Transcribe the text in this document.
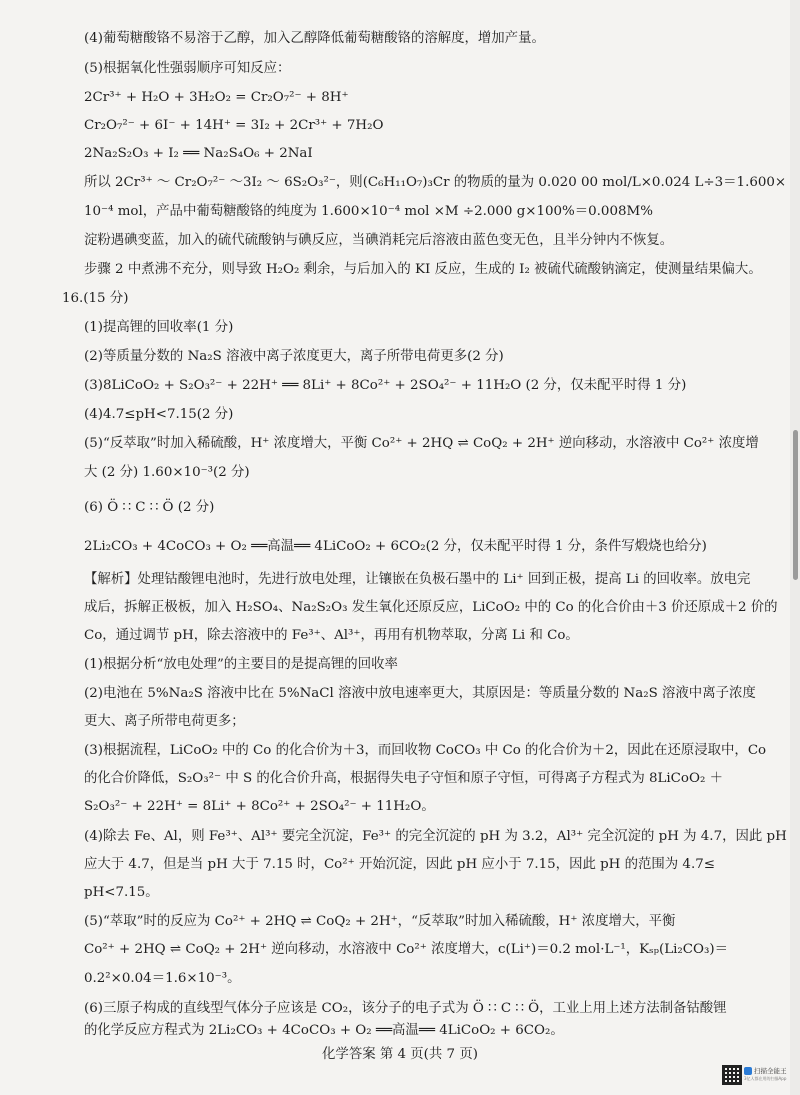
(4)葡萄糖酸铬不易溶于乙醇，加入乙醇降低葡萄糖酸铬的溶解度，增加产量。
(5)根据氧化性强弱顺序可知反应：
2Cr³⁺ + H₂O + 3H₂O₂ = Cr₂O₇²⁻ + 8H⁺
Cr₂O₇²⁻ + 6I⁻ + 14H⁺ = 3I₂ + 2Cr³⁺ + 7H₂O
2Na₂S₂O₃ + I₂ ══ Na₂S₄O₆ + 2NaI
所以 2Cr³⁺ ～ Cr₂O₇²⁻ ～3I₂ ～ 6S₂O₃²⁻，则(C₆H₁₁O₇)₃Cr 的物质的量为 0.020 00 mol/L×0.024 L÷3＝1.600×
10⁻⁴ mol，产品中葡萄糖酸铬的纯度为 1.600×10⁻⁴ mol ×M ÷2.000 g×100%＝0.008M%
淀粉遇碘变蓝，加入的硫代硫酸钠与碘反应，当碘消耗完后溶液由蓝色变无色，且半分钟内不恢复。
步骤 2 中煮沸不充分，则导致 H₂O₂ 剩余，与后加入的 KI 反应，生成的 I₂ 被硫代硫酸钠滴定，使测量结果偏大。
16.(15 分)
(1)提高锂的回收率(1 分)
(2)等质量分数的 Na₂S 溶液中离子浓度更大，离子所带电荷更多(2 分)
(3)8LiCoO₂ + S₂O₃²⁻ + 22H⁺ ══ 8Li⁺ + 8Co²⁺ + 2SO₄²⁻ + 11H₂O (2 分，仅未配平时得 1 分)
(4)4.7≤pH<7.15(2 分)
(5)“反萃取”时加入稀硫酸，H⁺ 浓度增大，平衡 Co²⁺ + 2HQ ⇌ CoQ₂ + 2H⁺ 逆向移动，水溶液中 Co²⁺ 浓度增
大 (2 分) 1.60×10⁻³(2 分)
(6) Ö ∷ C ∷ Ö (2 分)
2Li₂CO₃ + 4CoCO₃ + O₂ ══高温══ 4LiCoO₂ + 6CO₂(2 分，仅未配平时得 1 分，条件写煅烧也给分)
【解析】处理钴酸锂电池时，先进行放电处理，让镶嵌在负极石墨中的 Li⁺ 回到正极，提高 Li 的回收率。放电完
成后，拆解正极板，加入 H₂SO₄、Na₂S₂O₃ 发生氧化还原反应，LiCoO₂ 中的 Co 的化合价由＋3 价还原成＋2 价的
Co，通过调节 pH，除去溶液中的 Fe³⁺、Al³⁺，再用有机物萃取，分离 Li 和 Co。
(1)根据分析“放电处理”的主要目的是提高锂的回收率
(2)电池在 5%Na₂S 溶液中比在 5%NaCl 溶液中放电速率更大，其原因是：等质量分数的 Na₂S 溶液中离子浓度
更大、离子所带电荷更多；
(3)根据流程，LiCoO₂ 中的 Co 的化合价为＋3，而回收物 CoCO₃ 中 Co 的化合价为＋2，因此在还原浸取中，Co
的化合价降低，S₂O₃²⁻ 中 S 的化合价升高，根据得失电子守恒和原子守恒，可得离子方程式为 8LiCoO₂ ＋
S₂O₃²⁻ + 22H⁺ = 8Li⁺ + 8Co²⁺ + 2SO₄²⁻ + 11H₂O。
(4)除去 Fe、Al，则 Fe³⁺、Al³⁺ 要完全沉淀，Fe³⁺ 的完全沉淀的 pH 为 3.2，Al³⁺ 完全沉淀的 pH 为 4.7，因此 pH
应大于 4.7，但是当 pH 大于 7.15 时，Co²⁺ 开始沉淀，因此 pH 应小于 7.15，因此 pH 的范围为 4.7≤
pH<7.15。
(5)“萃取”时的反应为 Co²⁺ + 2HQ ⇌ CoQ₂ + 2H⁺，“反萃取”时加入稀硫酸，H⁺ 浓度增大，平衡
Co²⁺ + 2HQ ⇌ CoQ₂ + 2H⁺ 逆向移动，水溶液中 Co²⁺ 浓度增大，c(Li⁺)＝0.2 mol·L⁻¹，Kₛₚ(Li₂CO₃)＝
0.2²×0.04＝1.6×10⁻³。
(6)三原子构成的直线型气体分子应该是 CO₂，该分子的电子式为 Ö ∷ C ∷ Ö，工业上用上述方法制备钴酸锂
的化学反应方程式为 2Li₂CO₃ + 4CoCO₃ + O₂ ══高温══ 4LiCoO₂ + 6CO₂。
化学答案 第 4 页(共 7 页)
扫描全能王
3亿人都在用的扫描App
